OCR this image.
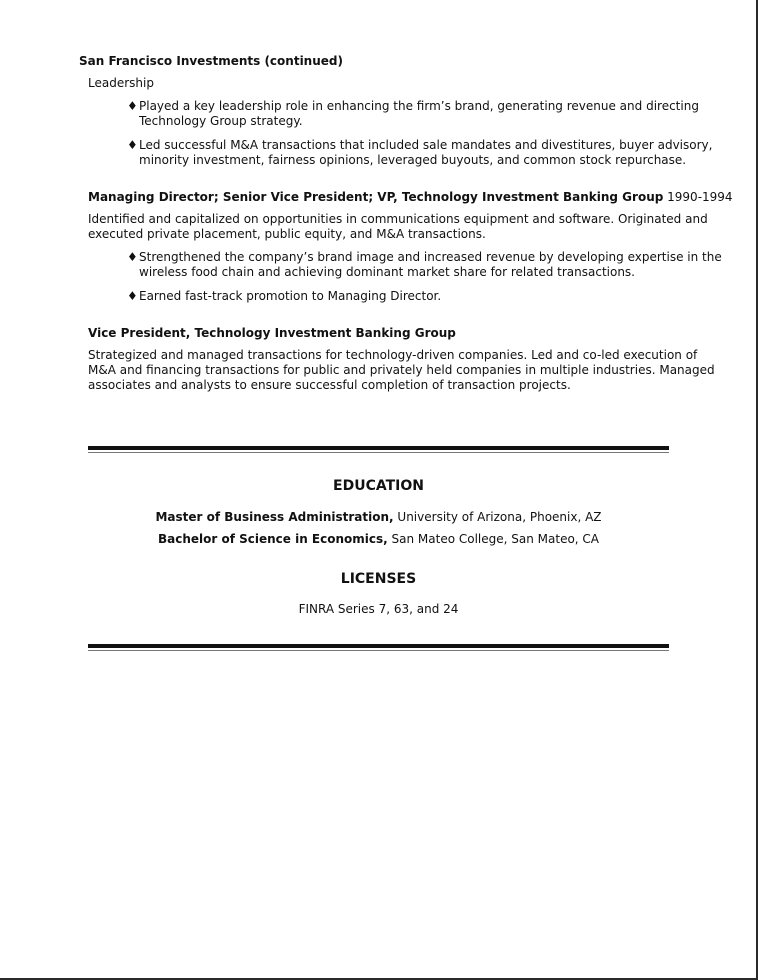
San Francisco Investments (continued)
Leadership
♦ Played a key leadership role in enhancing the firm’s brand, generating revenue and directing
Technology Group strategy.
♦ Led successful M&A transactions that included sale mandates and divestitures, buyer advisory,
minority investment, fairness opinions, leveraged buyouts, and common stock repurchase.
Managing Director; Senior Vice President; VP, Technology Investment Banking Group 1990-1994
Identified and capitalized on opportunities in communications equipment and software. Originated and
executed private placement, public equity, and M&A transactions.
♦ Strengthened the company’s brand image and increased revenue by developing expertise in the
wireless food chain and achieving dominant market share for related transactions.
♦ Earned fast-track promotion to Managing Director.
Vice President, Technology Investment Banking Group
Strategized and managed transactions for technology-driven companies. Led and co-led execution of
M&A and financing transactions for public and privately held companies in multiple industries. Managed
associates and analysts to ensure successful completion of transaction projects.
EDUCATION
Master of Business Administration, University of Arizona, Phoenix, AZ
Bachelor of Science in Economics, San Mateo College, San Mateo, CA
LICENSES
FINRA Series 7, 63, and 24
